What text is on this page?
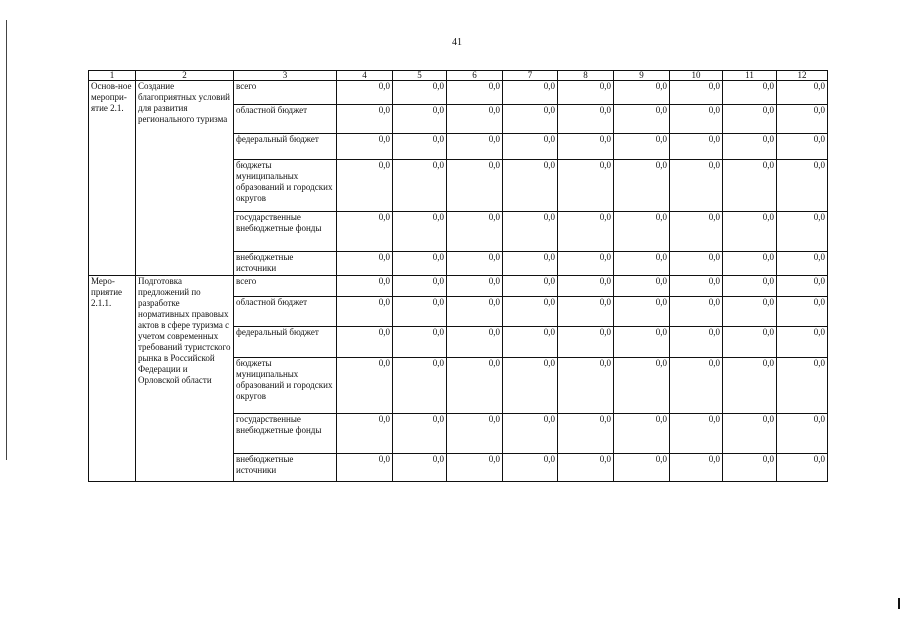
41
1	2	3	4	5	6	7	8	9	10	11	12
Основ-ное меропри-ятие 2.1.	Создание благоприятных условий для развития регионального туризма	всего	0,0	0,0	0,0	0,0	0,0	0,0	0,0	0,0	0,0
		областной бюджет	0,0	0,0	0,0	0,0	0,0	0,0	0,0	0,0	0,0
		федеральный бюджет	0,0	0,0	0,0	0,0	0,0	0,0	0,0	0,0	0,0
		бюджеты муниципальных образований и городских округов	0,0	0,0	0,0	0,0	0,0	0,0	0,0	0,0	0,0
		государственные внебюджетные фонды	0,0	0,0	0,0	0,0	0,0	0,0	0,0	0,0	0,0
		внебюджетные источники	0,0	0,0	0,0	0,0	0,0	0,0	0,0	0,0	0,0
Меро-приятие 2.1.1.	Подготовка предложений по разработке нормативных правовых актов в сфере туризма с учетом современных требований туристского рынка в Российской Федерации и Орловской области	всего	0,0	0,0	0,0	0,0	0,0	0,0	0,0	0,0	0,0
		областной бюджет	0,0	0,0	0,0	0,0	0,0	0,0	0,0	0,0	0,0
		федеральный бюджет	0,0	0,0	0,0	0,0	0,0	0,0	0,0	0,0	0,0
		бюджеты муниципальных образований и городских округов	0,0	0,0	0,0	0,0	0,0	0,0	0,0	0,0	0,0
		государственные внебюджетные фонды	0,0	0,0	0,0	0,0	0,0	0,0	0,0	0,0	0,0
		внебюджетные источники	0,0	0,0	0,0	0,0	0,0	0,0	0,0	0,0	0,0
